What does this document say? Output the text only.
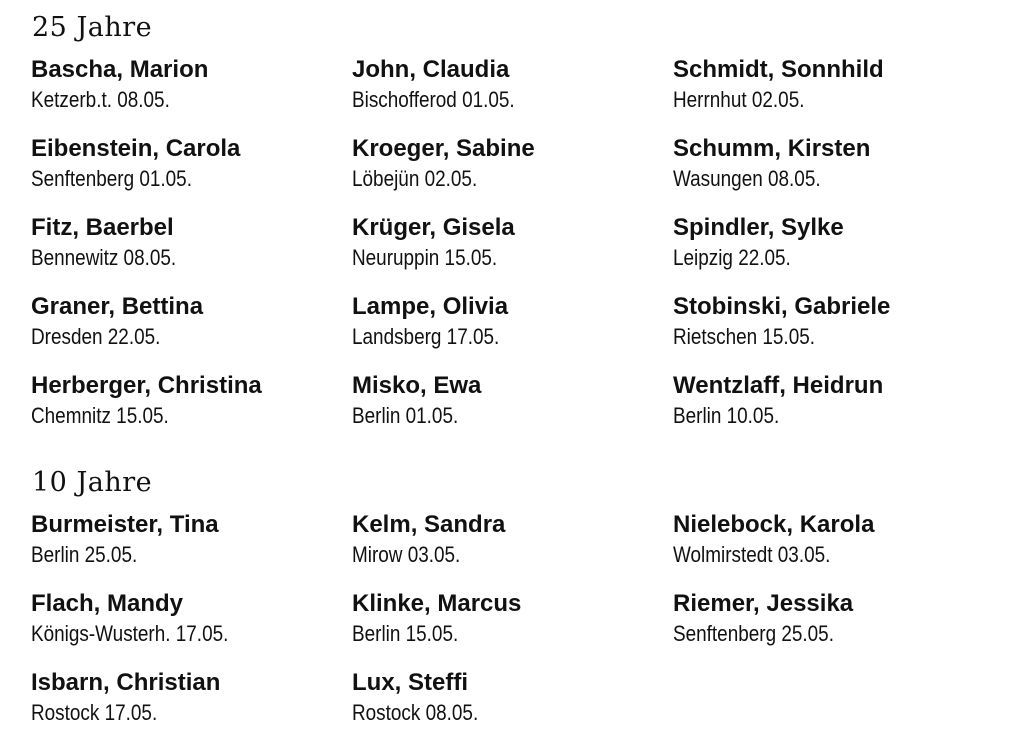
25 Jahre
Bascha, Marion
Ketzerb.t. 08.05.
John, Claudia
Bischofferod 01.05.
Schmidt, Sonnhild
Herrnhut 02.05.
Eibenstein, Carola
Senftenberg 01.05.
Kroeger, Sabine
Löbejün 02.05.
Schumm, Kirsten
Wasungen 08.05.
Fitz, Baerbel
Bennewitz 08.05.
Krüger, Gisela
Neuruppin 15.05.
Spindler, Sylke
Leipzig 22.05.
Graner, Bettina
Dresden 22.05.
Lampe, Olivia
Landsberg 17.05.
Stobinski, Gabriele
Rietschen 15.05.
Herberger, Christina
Chemnitz 15.05.
Misko, Ewa
Berlin 01.05.
Wentzlaff, Heidrun
Berlin 10.05.
10 Jahre
Burmeister, Tina
Berlin 25.05.
Kelm, Sandra
Mirow 03.05.
Nielebock, Karola
Wolmirstedt 03.05.
Flach, Mandy
Königs-Wusterh. 17.05.
Klinke, Marcus
Berlin 15.05.
Riemer, Jessika
Senftenberg 25.05.
Isbarn, Christian
Rostock 17.05.
Lux, Steffi
Rostock 08.05.
